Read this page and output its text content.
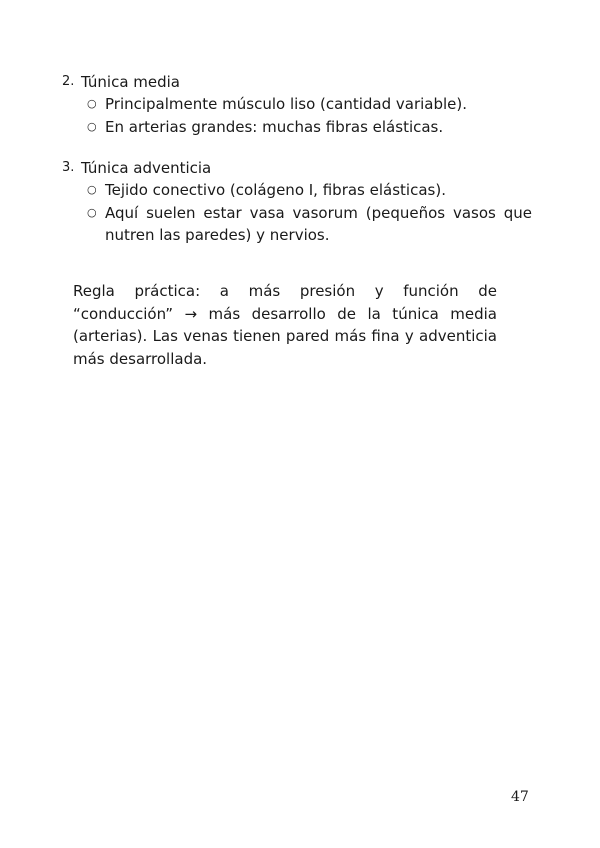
2. Túnica media
○ Principalmente músculo liso (cantidad variable).
○ En arterias grandes: muchas fibras elásticas.
3. Túnica adventicia
○ Tejido conectivo (colágeno I, fibras elásticas).
○ Aquí suelen estar vasa vasorum (pequeños vasos que nutren las paredes) y nervios.

Regla práctica: a más presión y función de “conducción” → más desarrollo de la túnica media (arterias). Las venas tienen pared más fina y adventicia más desarrollada.

47
